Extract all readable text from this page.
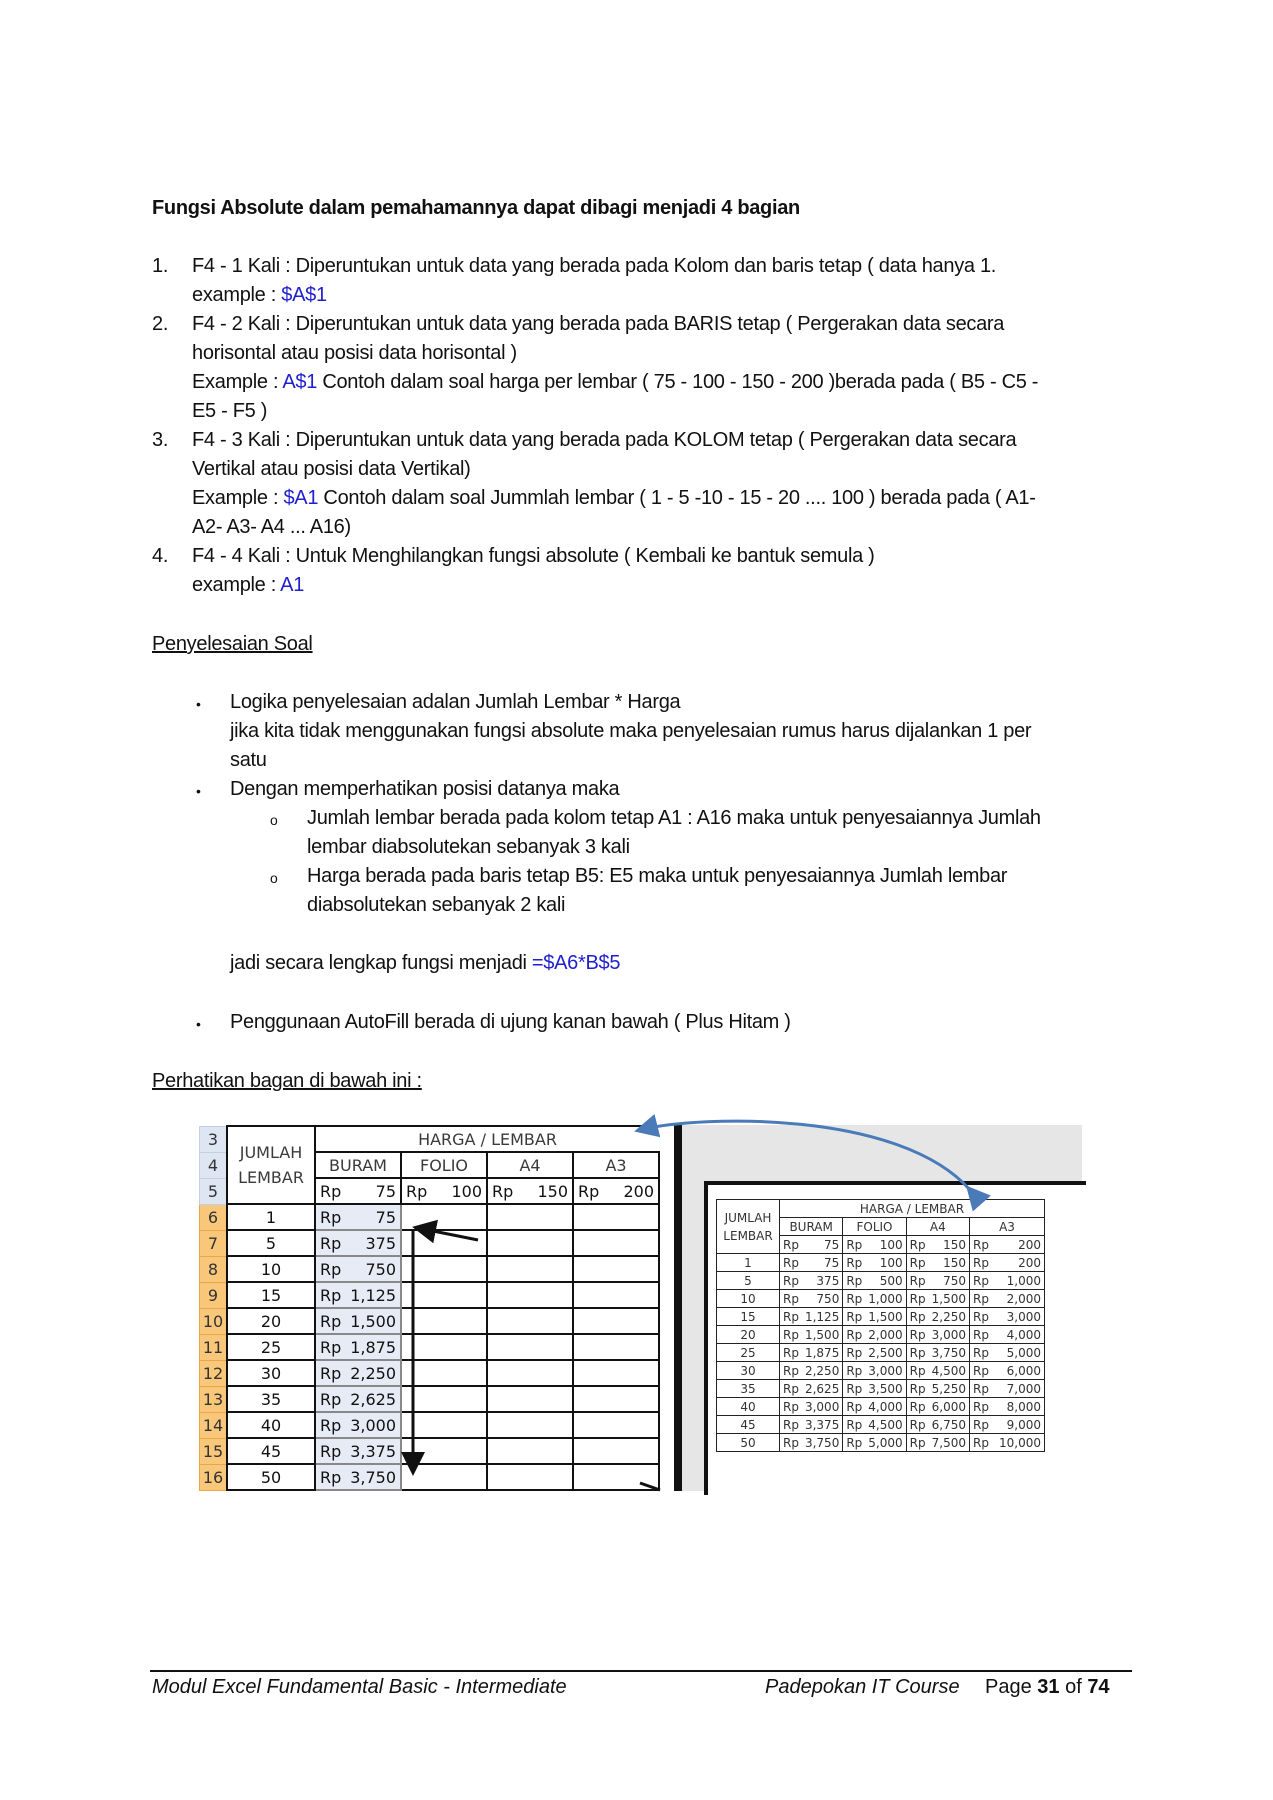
Fungsi Absolute dalam pemahamannya dapat dibagi menjadi 4 bagian
1. F4 - 1 Kali : Diperuntukan untuk data yang berada pada Kolom dan baris tetap ( data hanya 1.
example : $A$1
2. F4 - 2 Kali : Diperuntukan untuk data yang berada pada BARIS tetap ( Pergerakan data secara
horisontal atau posisi data horisontal )
Example : A$1 Contoh dalam soal harga per lembar ( 75 - 100 - 150 - 200 )berada pada ( B5 - C5 -
E5 - F5 )
3. F4 - 3 Kali : Diperuntukan untuk data yang berada pada KOLOM tetap ( Pergerakan data secara
Vertikal atau posisi data Vertikal)
Example : $A1 Contoh dalam soal Jummlah lembar ( 1 - 5 -10 - 15 - 20 .... 100 ) berada pada ( A1-
A2- A3- A4 ... A16)
4. F4 - 4 Kali : Untuk Menghilangkan fungsi absolute ( Kembali ke bantuk semula )
example : A1
Penyelesaian Soal
• Logika penyelesaian adalan Jumlah Lembar * Harga
jika kita tidak menggunakan fungsi absolute maka penyelesaian rumus harus dijalankan 1 per
satu
• Dengan memperhatikan posisi datanya maka
o Jumlah lembar berada pada kolom tetap A1 : A16 maka untuk penyesaiannya Jumlah
lembar diabsolutekan sebanyak 3 kali
o Harga berada pada baris tetap B5: E5 maka untuk penyesaiannya Jumlah lembar
diabsolutekan sebanyak 2 kali
jadi secara lengkap fungsi menjadi =$A6*B$5
• Penggunaan AutoFill berada di ujung kanan bawah ( Plus Hitam )
Perhatikan bagan di bawah ini :
3	JUMLAH
LEMBAR	HARGA / LEMBAR			
4		BURAM	FOLIO	A4	A3
5		Rp 75	Rp 100	Rp 150	Rp 200

6	1	Rp 75			

7	5	Rp 375			

8	10	Rp 750			

9	15	Rp 1,125			

10	20	Rp 1,500			

11	25	Rp 1,875			

12	30	Rp 2,250			

13	35	Rp 2,625			

14	40	Rp 3,000			

15	45	Rp 3,375			

16	50	Rp 3,750			

JUMLAH
LEMBAR	HARGA / LEMBAR			
	BURAM	FOLIO	A4	A3

	Rp 75	Rp 100	Rp 150	Rp 200

1	Rp 75	Rp 100	Rp 150	Rp 200

5	Rp 375	Rp 500	Rp 750	Rp 1,000

10	Rp 750	Rp 1,000	Rp 1,500	Rp 2,000

15	Rp 1,125	Rp 1,500	Rp 2,250	Rp 3,000

20	Rp 1,500	Rp 2,000	Rp 3,000	Rp 4,000

25	Rp 1,875	Rp 2,500	Rp 3,750	Rp 5,000

30	Rp 2,250	Rp 3,000	Rp 4,500	Rp 6,000

35	Rp 2,625	Rp 3,500	Rp 5,250	Rp 7,000

40	Rp 3,000	Rp 4,000	Rp 6,000	Rp 8,000

45	Rp 3,375	Rp 4,500	Rp 6,750	Rp 9,000

50	Rp 3,750	Rp 5,000	Rp 7,500	Rp 10,000
Modul Excel Fundamental Basic - Intermediate	Padepokan IT Course Page 31 of 74
